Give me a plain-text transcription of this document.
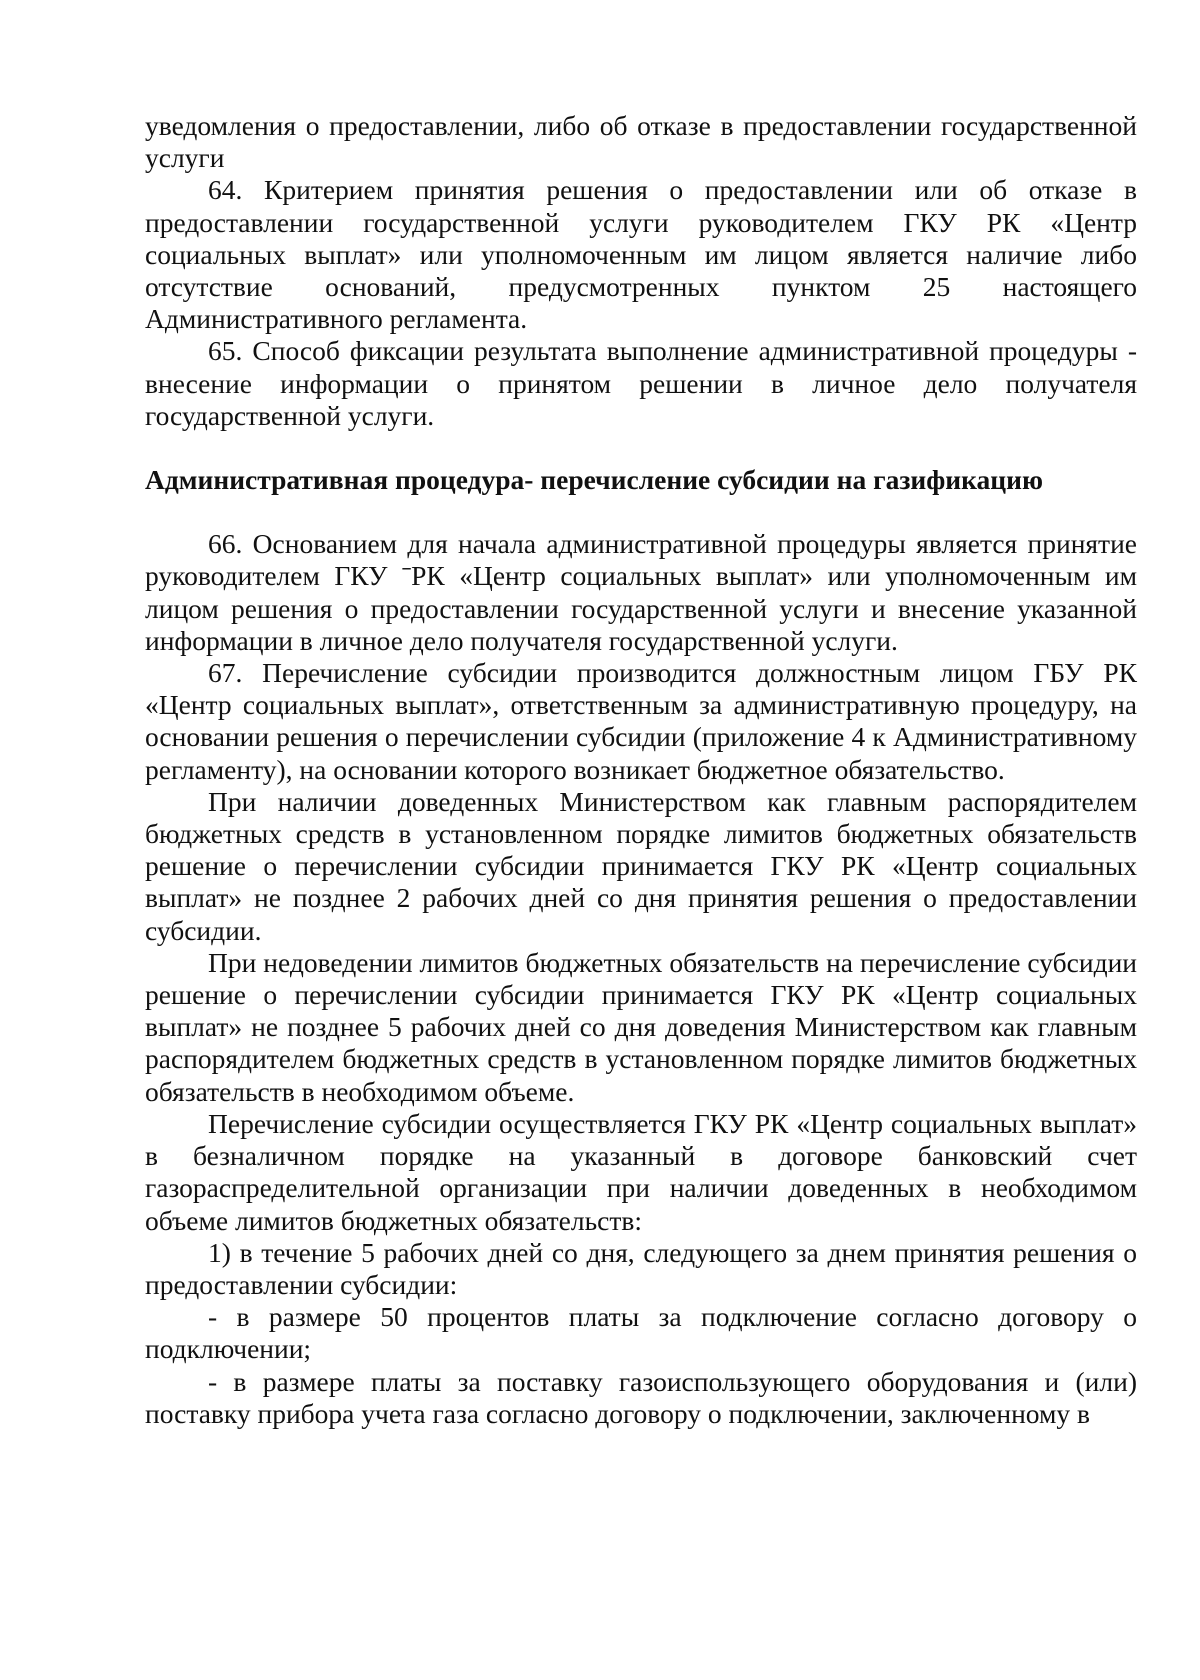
уведомления о предоставлении, либо об отказе в предоставлении государственной услуги

64. Критерием принятия решения о предоставлении или об отказе в предоставлении государственной услуги руководителем ГКУ РК «Центр социальных выплат» или уполномоченным им лицом является наличие либо отсутствие оснований, предусмотренных пунктом 25 настоящего Административного регламента.

65. Способ фиксации результата выполнение административной процедуры - внесение информации о принятом решении в личное дело получателя государственной услуги.

Административная процедура- перечисление субсидии на газификацию

66. Основанием для начала административной процедуры является принятие руководителем ГКУ ˉРК «Центр социальных выплат» или уполномоченным им лицом решения о предоставлении государственной услуги и внесение указанной информации в личное дело получателя государственной услуги.

67. Перечисление субсидии производится должностным лицом ГБУ РК «Центр социальных выплат», ответственным за административную процедуру, на основании решения о перечислении субсидии (приложение 4 к Административному регламенту), на основании которого возникает бюджетное обязательство.

При наличии доведенных Министерством как главным распорядителем бюджетных средств в установленном порядке лимитов бюджетных обязательств решение о перечислении субсидии принимается ГКУ РК «Центр социальных выплат» не позднее 2 рабочих дней со дня принятия решения о предоставлении субсидии.

При недоведении лимитов бюджетных обязательств на перечисление субсидии решение о перечислении субсидии принимается ГКУ РК «Центр социальных выплат» не позднее 5 рабочих дней со дня доведения Министерством как главным распорядителем бюджетных средств в установленном порядке лимитов бюджетных обязательств в необходимом объеме.

Перечисление субсидии осуществляется ГКУ РК «Центр социальных выплат» в безналичном порядке на указанный в договоре банковский счет газораспределительной организации при наличии доведенных в необходимом объеме лимитов бюджетных обязательств:

1) в течение 5 рабочих дней со дня, следующего за днем принятия решения о предоставлении субсидии:

- в размере 50 процентов платы за подключение согласно договору о подключении;

- в размере платы за поставку газоиспользующего оборудования и (или) поставку прибора учета газа согласно договору о подключении, заключенному в
